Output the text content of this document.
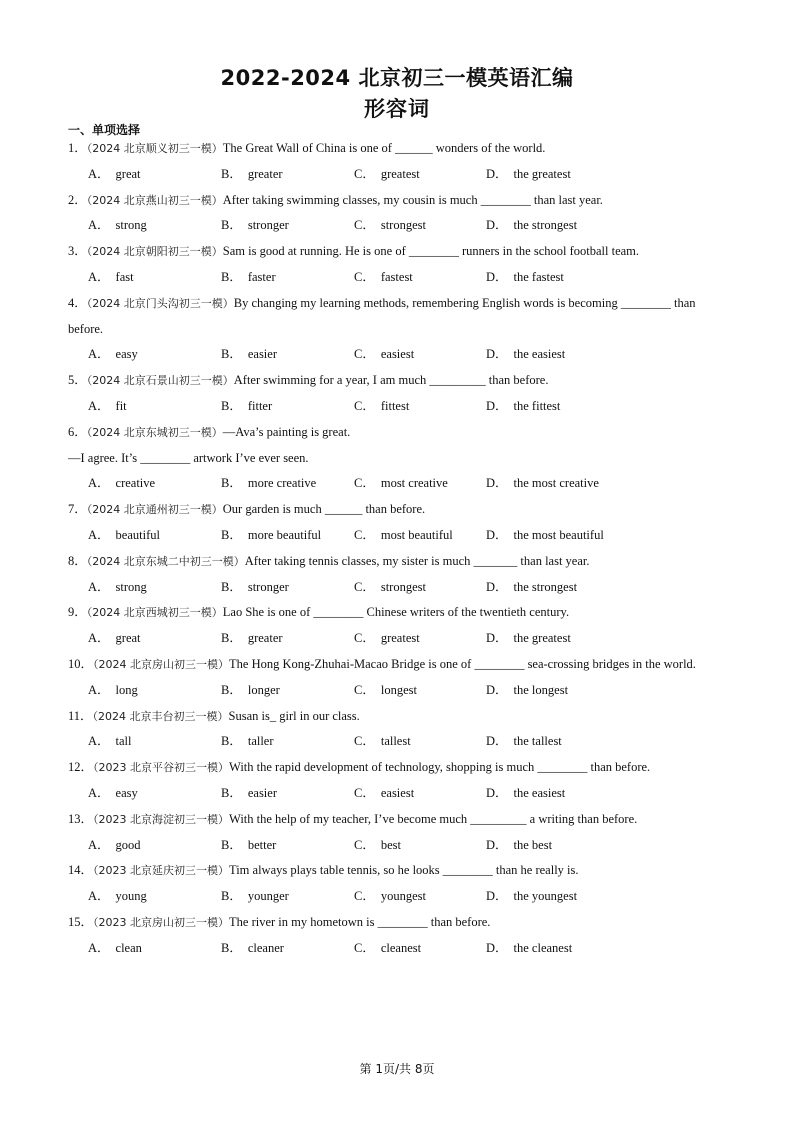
2022-2024 北京初三一模英语汇编
形容词
一、单项选择
1．（2024 北京顺义初三一模）The Great Wall of China is one of ______ wonders of the world.
A． great	B． greater	C． greatest	D． the greatest
2．（2024 北京燕山初三一模）After taking swimming classes, my cousin is much ________ than last year.
A． strong	B． stronger	C． strongest	D． the strongest
3．（2024 北京朝阳初三一模）Sam is good at running. He is one of ________ runners in the school football team.
A． fast	B． faster	C． fastest	D． the fastest
4．（2024 北京门头沟初三一模）By changing my learning methods, remembering English words is becoming ________ than before.
A． easy	B． easier	C． easiest	D． the easiest
5．（2024 北京石景山初三一模）After swimming for a year, I am much _________ than before.
A． fit	B． fitter	C． fittest	D． the fittest
6．（2024 北京东城初三一模）—Ava’s painting is great.
—I agree. It’s ________ artwork I’ve ever seen.
A． creative	B． more creative	C． most creative	D． the most creative
7．（2024 北京通州初三一模）Our garden is much ______ than before.
A． beautiful	B． more beautiful	C． most beautiful	D． the most beautiful
8．（2024 北京东城二中初三一模）After taking tennis classes, my sister is much _______ than last year.
A． strong	B． stronger	C． strongest	D． the strongest
9．（2024 北京西城初三一模）Lao She is one of ________ Chinese writers of the twentieth century.
A． great	B． greater	C． greatest	D． the greatest
10．（2024 北京房山初三一模）The Hong Kong-Zhuhai-Macao Bridge is one of ________ sea-crossing bridges in the world.
A． long	B． longer	C． longest	D． the longest
11．（2024 北京丰台初三一模）Susan is_ girl in our class.
A． tall	B． taller	C． tallest	D． the tallest
12．（2023 北京平谷初三一模）With the rapid development of technology, shopping is much ________ than before.
A． easy	B． easier	C． easiest	D． the easiest
13．（2023 北京海淀初三一模）With the help of my teacher, I’ve become much _________ a writing than before.
A． good	B． better	C． best	D． the best
14．（2023 北京延庆初三一模）Tim always plays table tennis, so he looks ________ than he really is.
A． young	B． younger	C． youngest	D． the youngest
15．（2023 北京房山初三一模）The river in my hometown is ________ than before.
A． clean	B． cleaner	C． cleanest	D． the cleanest
第 1页/共 8页
